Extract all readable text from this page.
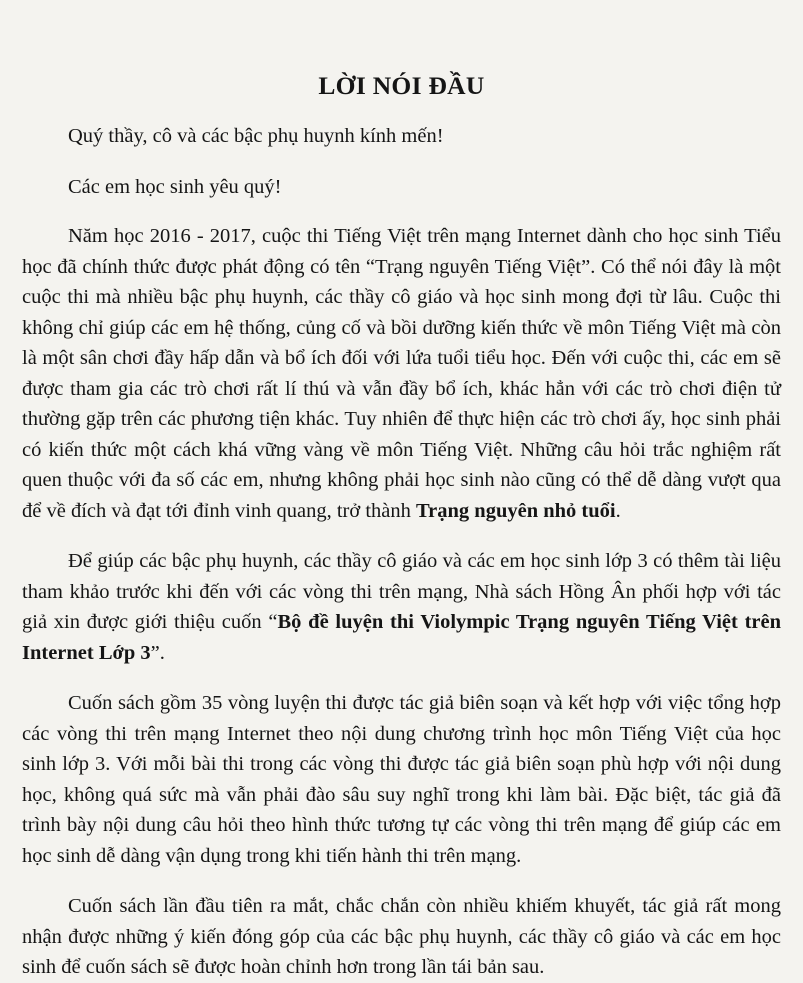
LỜI NÓI ĐẦU

Quý thầy, cô và các bậc phụ huynh kính mến!

Các em học sinh yêu quý!

Năm học 2016 - 2017, cuộc thi Tiếng Việt trên mạng Internet dành cho học sinh Tiểu học đã chính thức được phát động có tên “Trạng nguyên Tiếng Việt”. Có thể nói đây là một cuộc thi mà nhiều bậc phụ huynh, các thầy cô giáo và học sinh mong đợi từ lâu. Cuộc thi không chỉ giúp các em hệ thống, củng cố và bồi dưỡng kiến thức về môn Tiếng Việt mà còn là một sân chơi đầy hấp dẫn và bổ ích đối với lứa tuổi tiểu học. Đến với cuộc thi, các em sẽ được tham gia các trò chơi rất lí thú và vẫn đầy bổ ích, khác hẳn với các trò chơi điện tử thường gặp trên các phương tiện khác. Tuy nhiên để thực hiện các trò chơi ấy, học sinh phải có kiến thức một cách khá vững vàng về môn Tiếng Việt. Những câu hỏi trắc nghiệm rất quen thuộc với đa số các em, nhưng không phải học sinh nào cũng có thể dễ dàng vượt qua để về đích và đạt tới đỉnh vinh quang, trở thành Trạng nguyên nhỏ tuổi.

Để giúp các bậc phụ huynh, các thầy cô giáo và các em học sinh lớp 3 có thêm tài liệu tham khảo trước khi đến với các vòng thi trên mạng, Nhà sách Hồng Ân phối hợp với tác giả xin được giới thiệu cuốn “Bộ đề luyện thi Violympic Trạng nguyên Tiếng Việt trên Internet Lớp 3”.

Cuốn sách gồm 35 vòng luyện thi được tác giả biên soạn và kết hợp với việc tổng hợp các vòng thi trên mạng Internet theo nội dung chương trình học môn Tiếng Việt của học sinh lớp 3. Với mỗi bài thi trong các vòng thi được tác giả biên soạn phù hợp với nội dung học, không quá sức mà vẫn phải đào sâu suy nghĩ trong khi làm bài. Đặc biệt, tác giả đã trình bày nội dung câu hỏi theo hình thức tương tự các vòng thi trên mạng để giúp các em học sinh dễ dàng vận dụng trong khi tiến hành thi trên mạng.

Cuốn sách lần đầu tiên ra mắt, chắc chắn còn nhiều khiếm khuyết, tác giả rất mong nhận được những ý kiến đóng góp của các bậc phụ huynh, các thầy cô giáo và các em học sinh để cuốn sách sẽ được hoàn chỉnh hơn trong lần tái bản sau.
